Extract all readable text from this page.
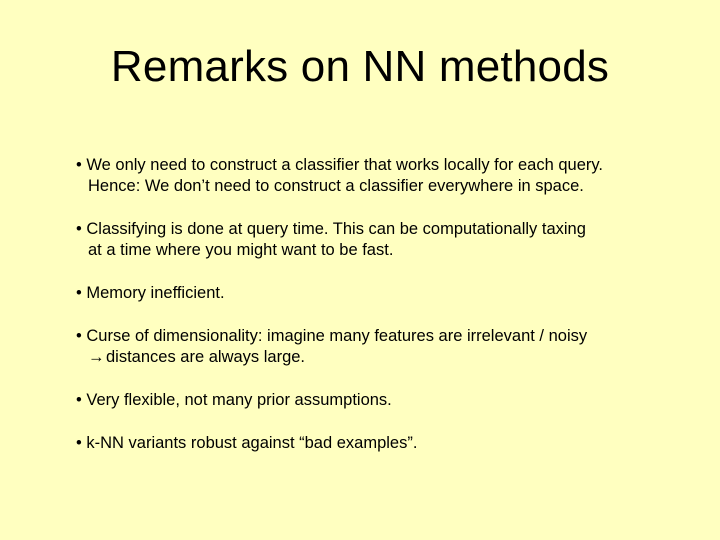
Remarks on NN methods
• We only need to construct a classifier that works locally for each query.
Hence: We don’t need to construct a classifier everywhere in space.
• Classifying is done at query time. This can be computationally taxing
at a time where you might want to be fast.
• Memory inefficient.
• Curse of dimensionality: imagine many features are irrelevant / noisy
→distances are always large.
• Very flexible, not many prior assumptions.
• k-NN variants robust against “bad examples”.
